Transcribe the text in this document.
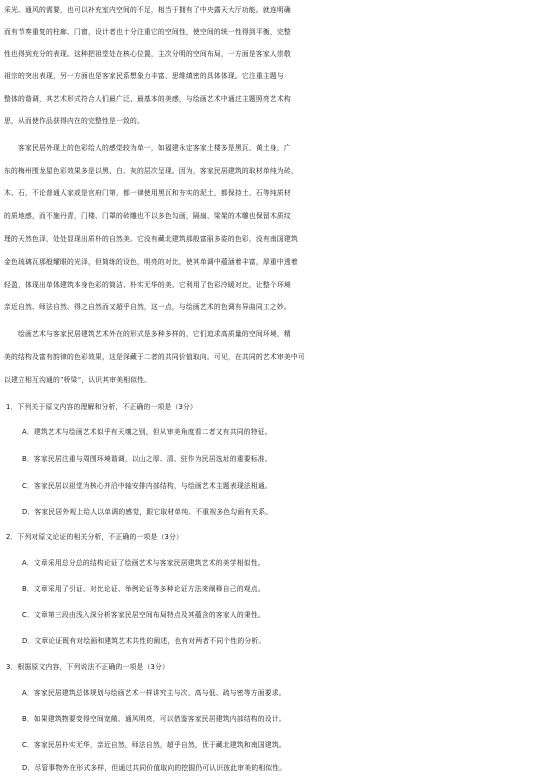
采光、通风的需要，也可以补充室内空间的不足，相当于拥有了中央露天大厅功能。就连明确
而有节奏重复的柱廊、门窗，设计者也十分注重它的空间性，使空间的统一性得到平衡，完整
性也得到充分的表现。这种把祖堂处在核心位置，主次分明的空间布局，一方面是客家人崇敬
祖宗的突出表现，另一方面也是客家民系想象力丰富、思维缜密的具体体现。它注重主题与
整体的谐调，其艺术形式符合人们最广泛、最基本的美感，与绘画艺术中通过主题照亮艺术构
思，从而使作品获得内在的完整性是一致的。
　　客家民居外现上的色彩给人的感觉较为单一，如福建永定客家土楼多是黑瓦、黄土身，广
东的梅州围龙屋色彩效果多是以黑、白、灰的层次呈现。因为，客家民居建筑的取材单纯为砖、
木、石，不论普通人家或是官府门第，都一律使用黑瓦和夯实的泥土，都保持土、石等纯质材
的质地感，而不施丹青，门楼、门罩的砖雕也不以多色勾画，隔扇、梁架的木雕也保留木质纹
理的天然色泽，处处显现出质朴的自然美。它没有藏北建筑那般富丽多姿的色彩，没有南国建筑
金色琉璃瓦那般耀眼的光泽，但简练的设色，明亮的对比，使其单调中蕴涵着丰富，厚重中透着
轻盈，体现出单体建筑本身色彩的简洁、朴实无华的美。它利用了色彩冷暖对比，让整个环境
亲近自然、师法自然、得之自然而又超乎自然，这一点，与绘画艺术的色调有异曲同工之妙。
　　绘画艺术与客家民居建筑艺术外在的形式是多种多样的，它们追求高质量的空间环境，精
美的结构及富有韵律的色彩效果，这是深藏于二者的共同价值取向。可见，在共同的艺术审美中可
以建立相互沟通的“桥梁”，认识其审美相似性。
1．下列关于原文内容的理解和分析，不正确的一项是（3分）
A．建筑艺术与绘画艺术似乎有天壤之别，但从审美角度看二者又有共同的特征。
B．客家民居注重与周围环境谐调，以山之厚、清、驻作为民居选址的重要标准。
C．客家民居以祖堂为核心并沿中轴安排内部结构，与绘画艺术主题表现法相通。
D．客家民居外观上给人以单调的感觉，跟它取材单纯、不重视多色勾画有关系。
2．下列对原文论证的相关分析，不正确的一项是（3分）
A．文章采用总分总的结构论证了绘画艺术与客家民居建筑艺术的美学相似性。
B．文章采用了引证、对比论证、举例论证等多种论证方法来阐释自己的观点。
C．文章第三段由浅入深分析客家民居空间布局特点及其蕴含的客家人的秉性。
D．文章论证既有对绘画和建筑艺术共性的阐述，也有对两者不同个性的分析。
3．根据原文内容，下列说法不正确的一项是（3分）
A．客家民居建筑总体规划与绘画艺术一样讲究主与次、高与低、疏与密等方面要求。
B．如果建筑物要变得空间宽敞、通风明亮，可以借鉴客家民居建筑内部结构的设计。
C．客家民居朴实无华，亲近自然，师法自然，超乎自然，优于藏北建筑和南国建筑。
D．尽管事物外在形式多样，但通过共同价值取向的挖掘仍可认识彼此审美的相似性。
